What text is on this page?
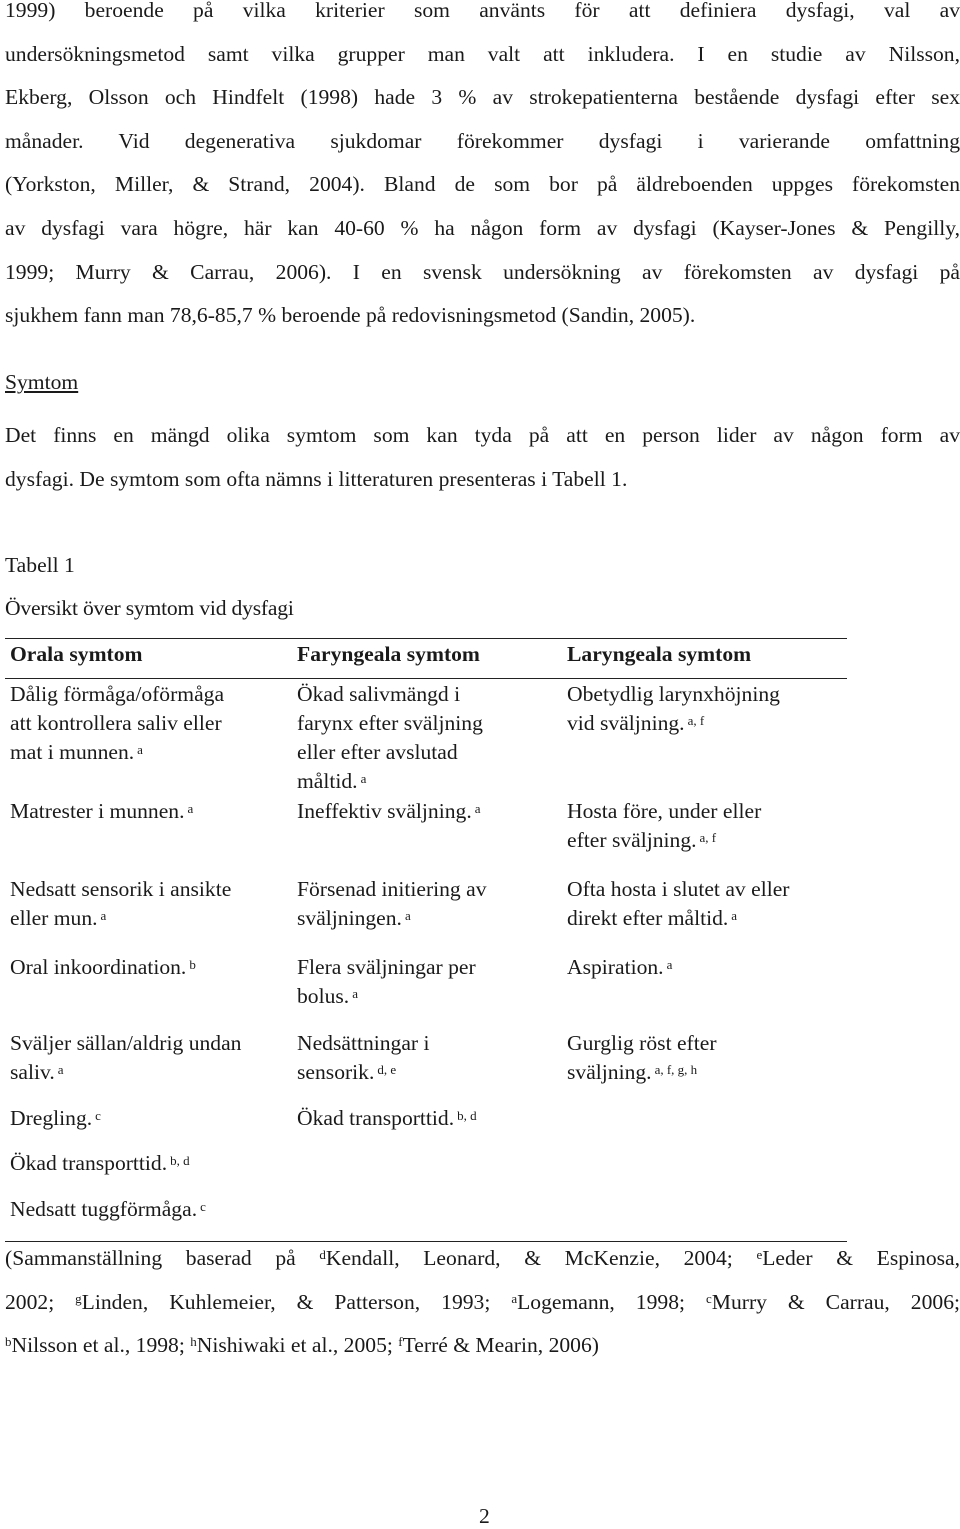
1999) beroende på vilka kriterier som använts för att definiera dysfagi, val av
undersökningsmetod samt vilka grupper man valt att inkludera. I en studie av Nilsson,
Ekberg, Olsson och Hindfelt (1998) hade 3 % av strokepatienterna bestående dysfagi efter sex
månader. Vid degenerativa sjukdomar förekommer dysfagi i varierande omfattning
(Yorkston, Miller, & Strand, 2004). Bland de som bor på äldreboenden uppges förekomsten
av dysfagi vara högre, här kan 40-60 % ha någon form av dysfagi (Kayser-Jones & Pengilly,
1999; Murry & Carrau, 2006). I en svensk undersökning av förekomsten av dysfagi på
sjukhem fann man 78,6-85,7 % beroende på redovisningsmetod (Sandin, 2005).

Symtom

Det finns en mängd olika symtom som kan tyda på att en person lider av någon form av
dysfagi. De symtom som ofta nämns i litteraturen presenteras i Tabell 1.

Tabell 1

Översikt över symtom vid dysfagi

Orala symtom	Faryngeala symtom	Laryngeala symtom

Dålig förmåga/oförmåga
att kontrollera saliv eller
mat i munnen. $^a$

Matrester i munnen. $^a$

Nedsatt sensorik i ansikte
eller mun. $^a$

Oral inkoordination. $^b$

Sväljer sällan/aldrig undan
saliv. $^a$

Dregling. $^c$

Ökad transporttid. $^{b, d}$

Nedsatt tuggförmåga. $^c$

Ökad salivmängd i
farynx efter sväljning
eller efter avslutad
måltid. $^a$

Ineffektiv sväljning. $^a$

Försenad initiering av
sväljningen. $^a$

Flera sväljningar per
bolus. $^a$

Nedsättningar i
sensorik. $^{d, e}$

Ökad transporttid. $^{b, d}$

Obetydlig larynxhöjning
vid sväljning. $^{a, f}$

Hosta före, under eller
efter sväljning. $^{a, f}$

Ofta hosta i slutet av eller
direkt efter måltid. $^a$

Aspiration. $^a$

Gurglig röst efter
sväljning. $^{a, f, g, h}$

(Sammanställning baserad på $^d$Kendall, Leonard, & McKenzie, 2004; $^e$Leder & Espinosa,
2002; $^g$Linden, Kuhlemeier, & Patterson, 1993; $^a$Logemann, 1998; $^c$Murry & Carrau, 2006;
$^b$Nilsson et al., 1998; $^h$Nishiwaki et al., 2005; $^f$Terré & Mearin, 2006)

2
